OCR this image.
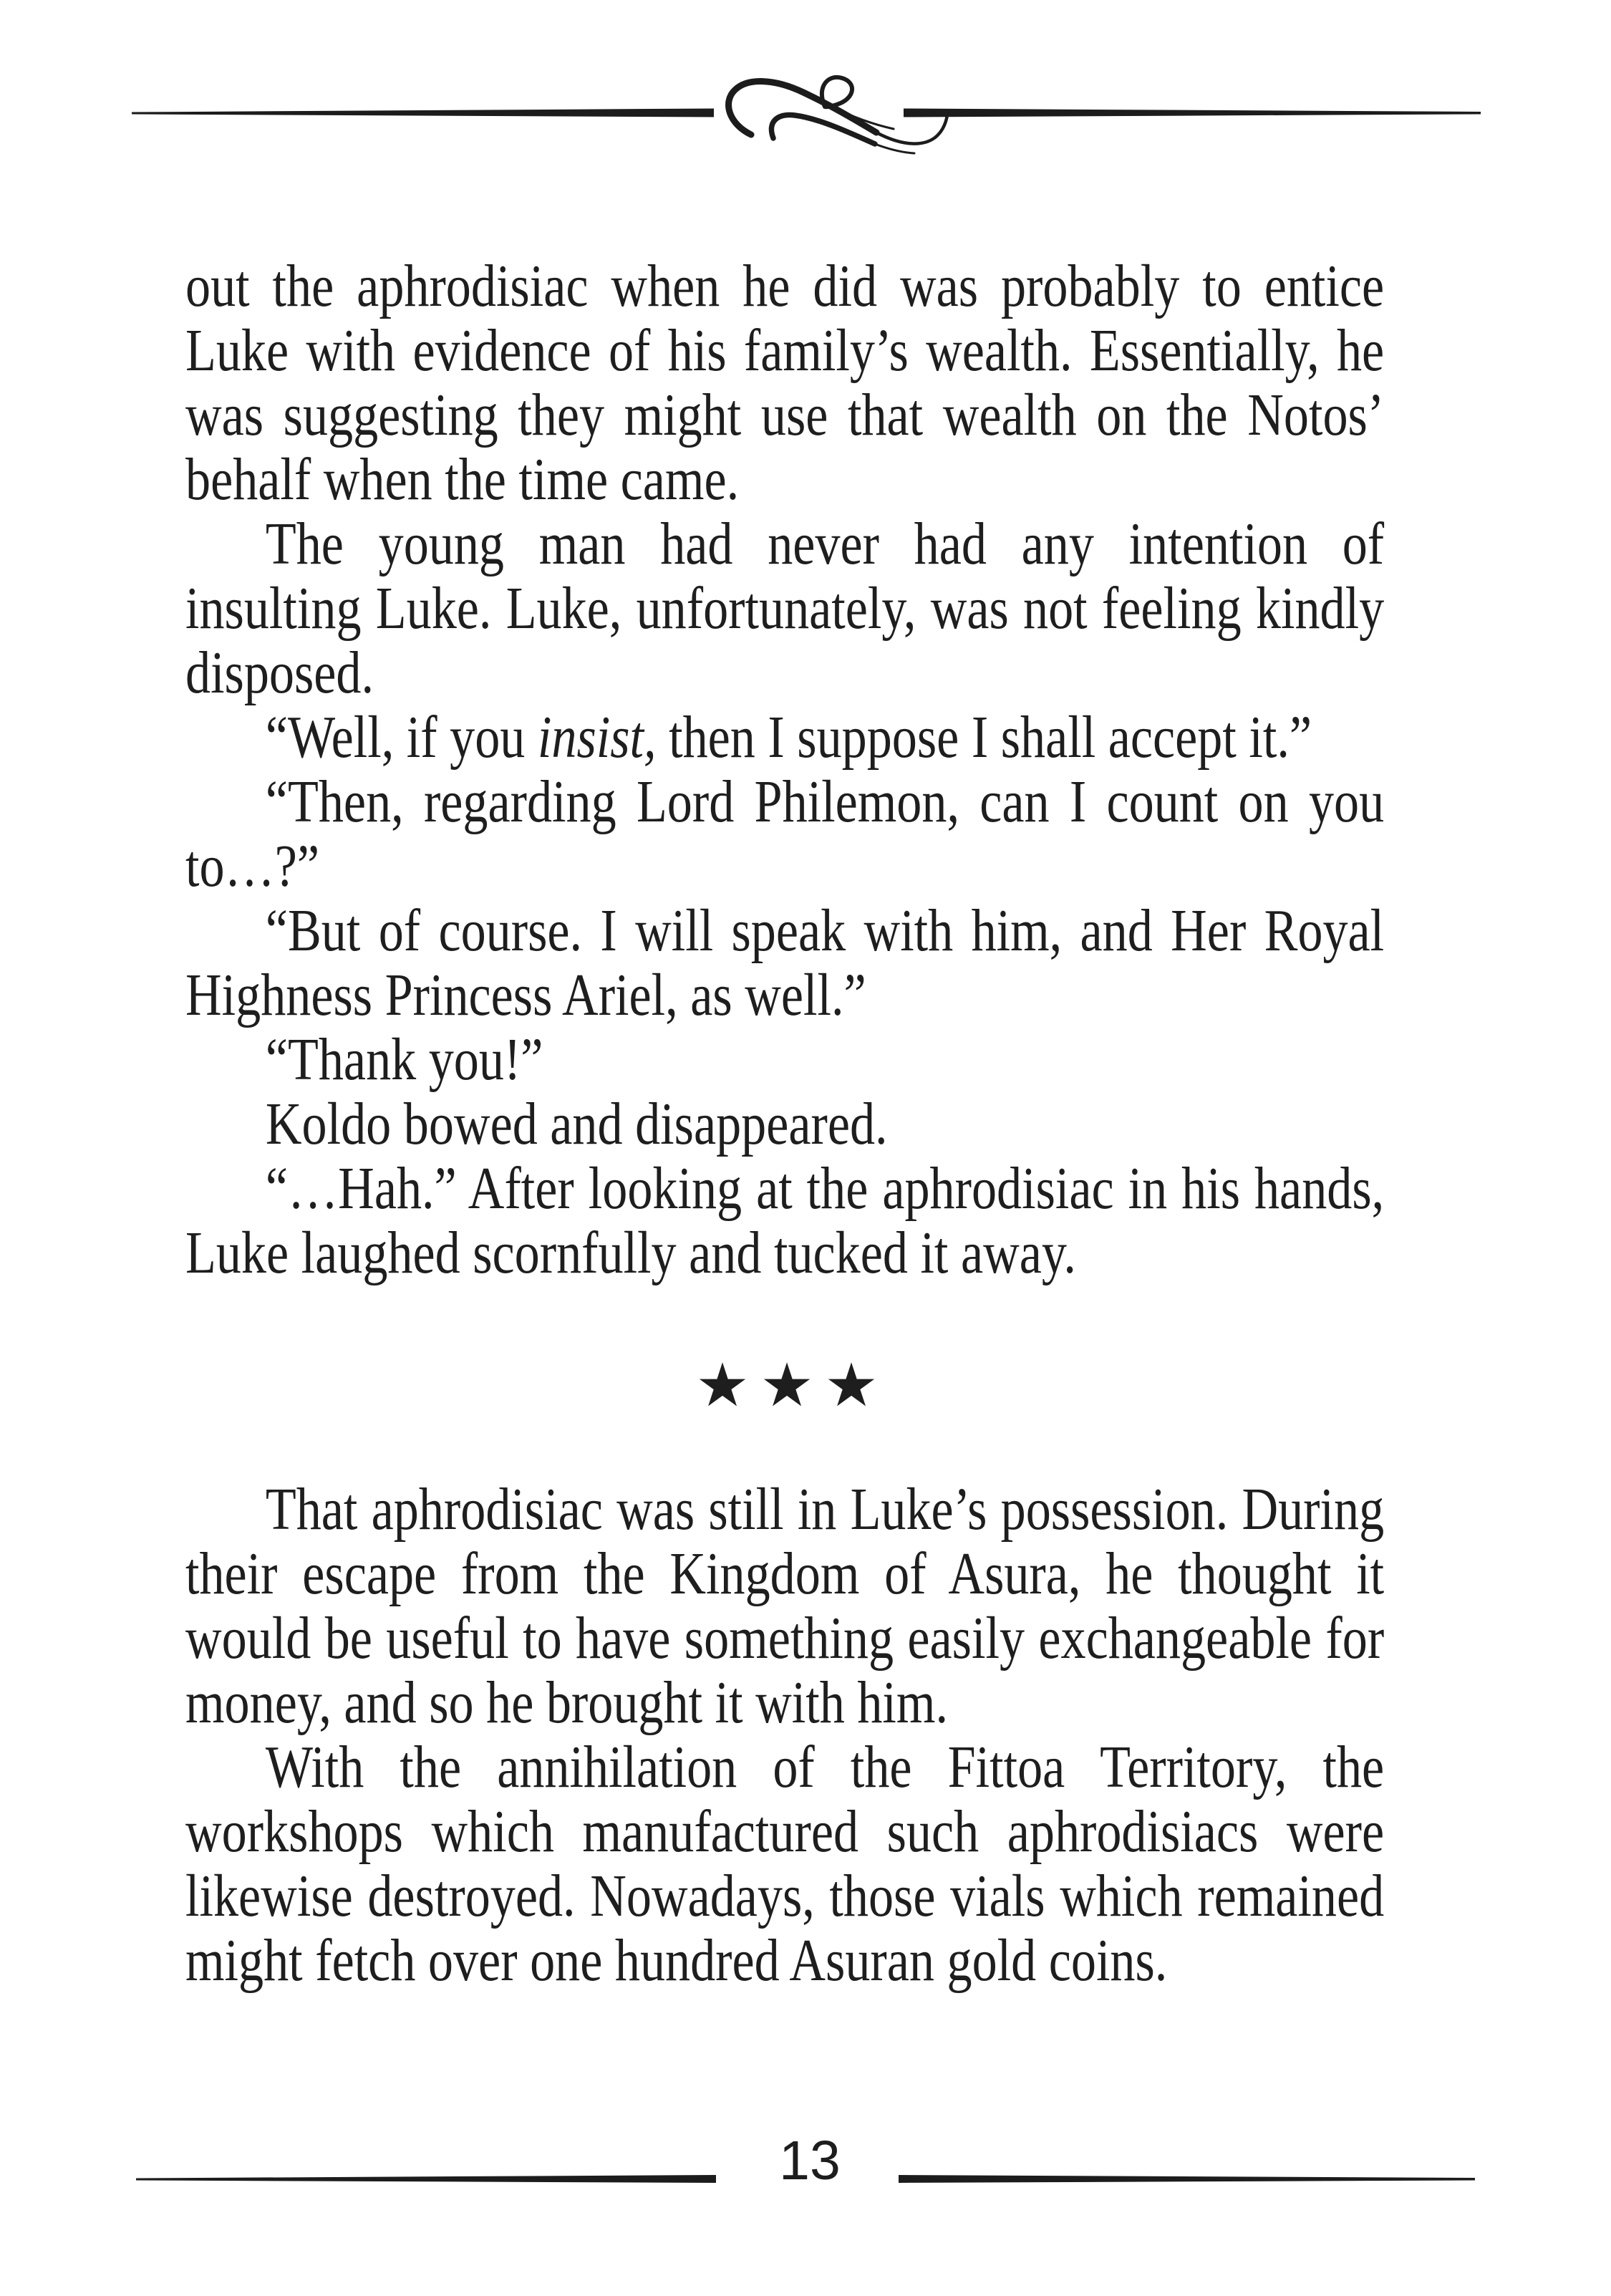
out the aphrodisiac when he did was probably to entice Luke with evidence of his family’s wealth. Essentially, he was suggesting they might use that wealth on the Notos’ behalf when the time came.

The young man had never had any intention of insulting Luke. Luke, unfortunately, was not feeling kindly disposed.

“Well, if you insist, then I suppose I shall accept it.”

“Then, regarding Lord Philemon, can I count on you to…?”

“But of course. I will speak with him, and Her Royal Highness Princess Ariel, as well.”

“Thank you!”

Koldo bowed and disappeared.

“…Hah.” After looking at the aphrodisiac in his hands, Luke laughed scornfully and tucked it away.

★ ★ ★

That aphrodisiac was still in Luke’s possession. During their escape from the Kingdom of Asura, he thought it would be useful to have something easily exchangeable for money, and so he brought it with him.

With the annihilation of the Fittoa Territory, the workshops which manufactured such aphrodisiacs were likewise destroyed. Nowadays, those vials which remained might fetch over one hundred Asuran gold coins.

13
